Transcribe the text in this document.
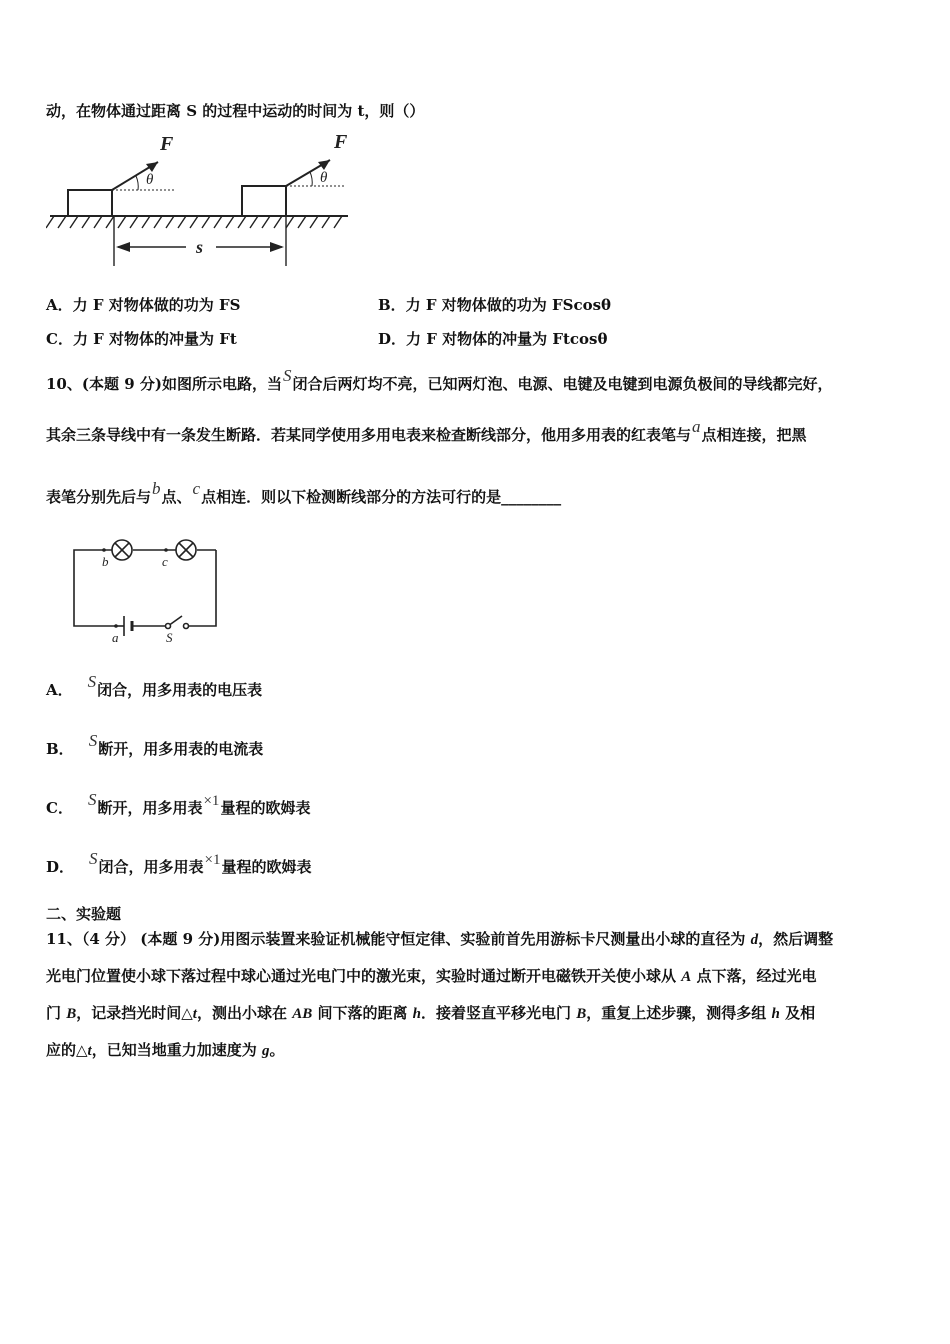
动，在物体通过距离 S 的过程中运动的时间为 t，则（）
F	F
θ	θ
s
A．力 F 对物体做的功为 FS	B．力 F 对物体做的功为 FScosθ
C．力 F 对物体的冲量为 Ft	D．力 F 对物体的冲量为 Ftcosθ
10、(本题 9 分)如图所示电路，当S闭合后两灯均不亮，已知两灯泡、电源、电键及电键到电源负极间的导线都完好，
其余三条导线中有一条发生断路．若某同学使用多用电表来检查断线部分，他用多用表的红表笔与a点相连接，把黑
表笔分别先后与b点、c点相连．则以下检测断线部分的方法可行的是________
b	c
a	S
A． S闭合，用多用表的电压表
B． S断开，用多用表的电流表
C． S断开，用多用表×1量程的欧姆表
D． S闭合，用多用表×1量程的欧姆表
二、实验题
11、（4 分） (本题 9 分)用图示装置来验证机械能守恒定律、实验前首先用游标卡尺测量出小球的直径为 d，然后调整
光电门位置使小球下落过程中球心通过光电门中的激光束，实验时通过断开电磁铁开关使小球从 A 点下落，经过光电
门 B，记录挡光时间△t，测出小球在 AB 间下落的距离 h．接着竖直平移光电门 B，重复上述步骤，测得多组 h 及相
应的△t，已知当地重力加速度为 g。
